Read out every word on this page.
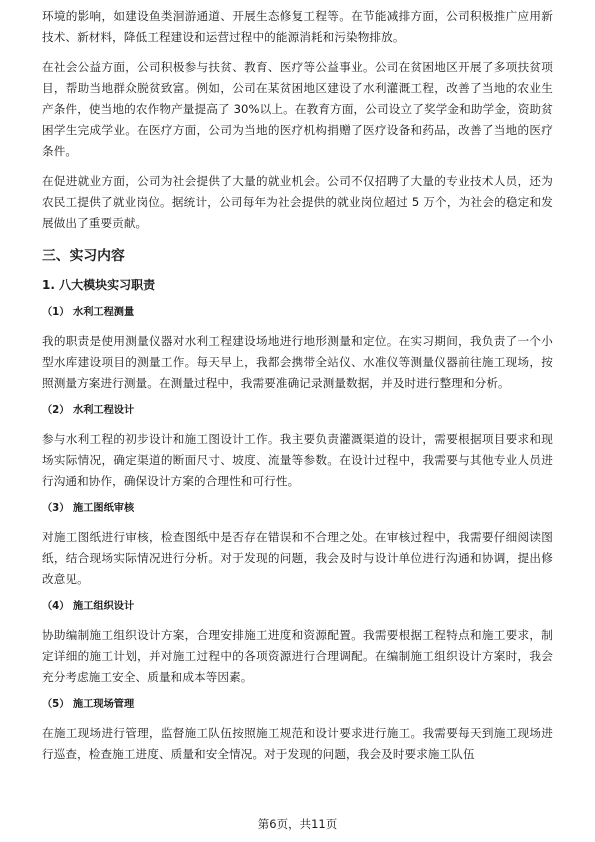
环境的影响，如建设鱼类洄游通道、开展生态修复工程等。在节能减排方面，公司积极推广应用新技术、新材料，降低工程建设和运营过程中的能源消耗和污染物排放。

在社会公益方面，公司积极参与扶贫、教育、医疗等公益事业。公司在贫困地区开展了多项扶贫项目，帮助当地群众脱贫致富。例如，公司在某贫困地区建设了水利灌溉工程，改善了当地的农业生产条件，使当地的农作物产量提高了 30%以上。在教育方面，公司设立了奖学金和助学金，资助贫困学生完成学业。在医疗方面，公司为当地的医疗机构捐赠了医疗设备和药品，改善了当地的医疗条件。

在促进就业方面，公司为社会提供了大量的就业机会。公司不仅招聘了大量的专业技术人员，还为农民工提供了就业岗位。据统计，公司每年为社会提供的就业岗位超过 5 万个，为社会的稳定和发展做出了重要贡献。

三、实习内容
1. 八大模块实习职责
（1） 水利工程测量

我的职责是使用测量仪器对水利工程建设场地进行地形测量和定位。在实习期间，我负责了一个小型水库建设项目的测量工作。每天早上，我都会携带全站仪、水准仪等测量仪器前往施工现场，按照测量方案进行测量。在测量过程中，我需要准确记录测量数据，并及时进行整理和分析。

（2） 水利工程设计

参与水利工程的初步设计和施工图设计工作。我主要负责灌溉渠道的设计，需要根据项目要求和现场实际情况，确定渠道的断面尺寸、坡度、流量等参数。在设计过程中，我需要与其他专业人员进行沟通和协作，确保设计方案的合理性和可行性。

（3） 施工图纸审核

对施工图纸进行审核，检查图纸中是否存在错误和不合理之处。在审核过程中，我需要仔细阅读图纸，结合现场实际情况进行分析。对于发现的问题，我会及时与设计单位进行沟通和协调，提出修改意见。

（4） 施工组织设计

协助编制施工组织设计方案，合理安排施工进度和资源配置。我需要根据工程特点和施工要求，制定详细的施工计划，并对施工过程中的各项资源进行合理调配。在编制施工组织设计方案时，我会充分考虑施工安全、质量和成本等因素。

（5） 施工现场管理

在施工现场进行管理，监督施工队伍按照施工规范和设计要求进行施工。我需要每天到施工现场进行巡查，检查施工进度、质量和安全情况。对于发现的问题，我会及时要求施工队伍

第6页，共11页
